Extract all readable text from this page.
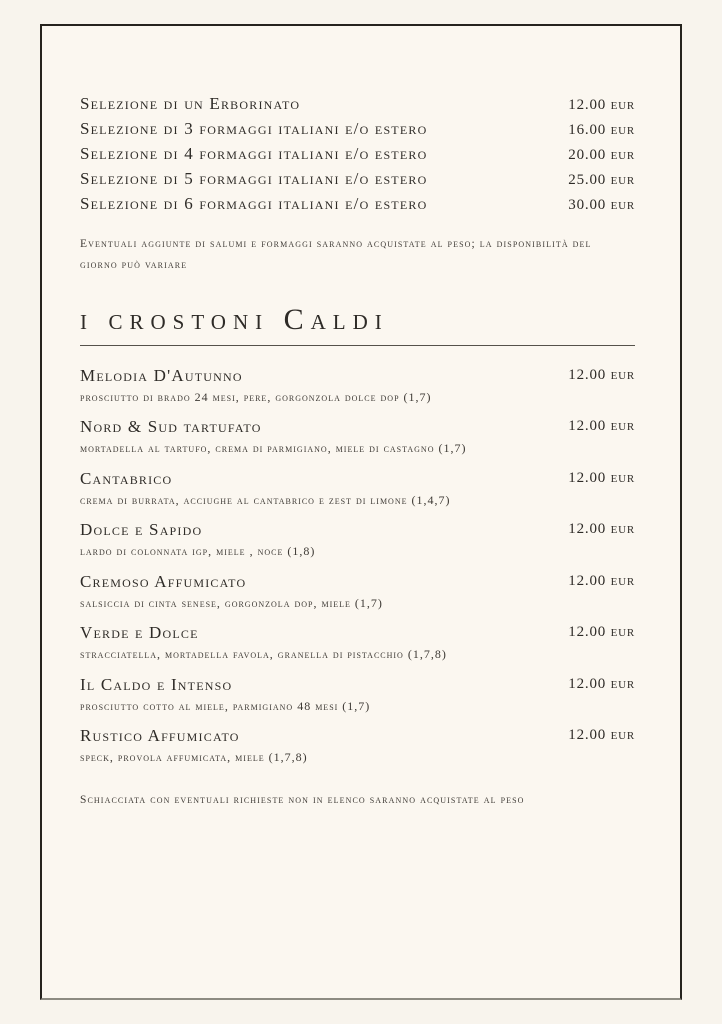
Selezione di un Erborinato	12.00 eur
Selezione di 3 formaggi italiani e/o estero	16.00 eur
Selezione di 4 formaggi italiani e/o estero	20.00 eur
Selezione di 5 formaggi italiani e/o estero	25.00 eur
Selezione di 6 formaggi italiani e/o estero	30.00 eur

Eventuali aggiunte di salumi e formaggi saranno acquistate al peso; la disponibilità del giorno può variare

i crostoni Caldi
Melodia D'Autunno
prosciutto di brado 24 mesi, pere, gorgonzola dolce dop (1,7)
12.00 eur
Nord & Sud tartufato
mortadella al tartufo, crema di parmigiano, miele di castagno (1,7)
12.00 eur
Cantabrico
crema di burrata, acciughe al cantabrico e zest di limone (1,4,7)
12.00 eur
Dolce e Sapido
lardo di colonnata igp, miele , noce (1,8)
12.00 eur
Cremoso Affumicato
salsiccia di cinta senese, gorgonzola dop, miele (1,7)
12.00 eur
Verde e Dolce
stracciatella, mortadella favola, granella di pistacchio (1,7,8)
12.00 eur
Il Caldo e Intenso
prosciutto cotto al miele, parmigiano 48 mesi (1,7)
12.00 eur
Rustico Affumicato
speck, provola affumicata, miele (1,7,8)
12.00 eur

Schiacciata con eventuali richieste non in elenco saranno acquistate al peso
